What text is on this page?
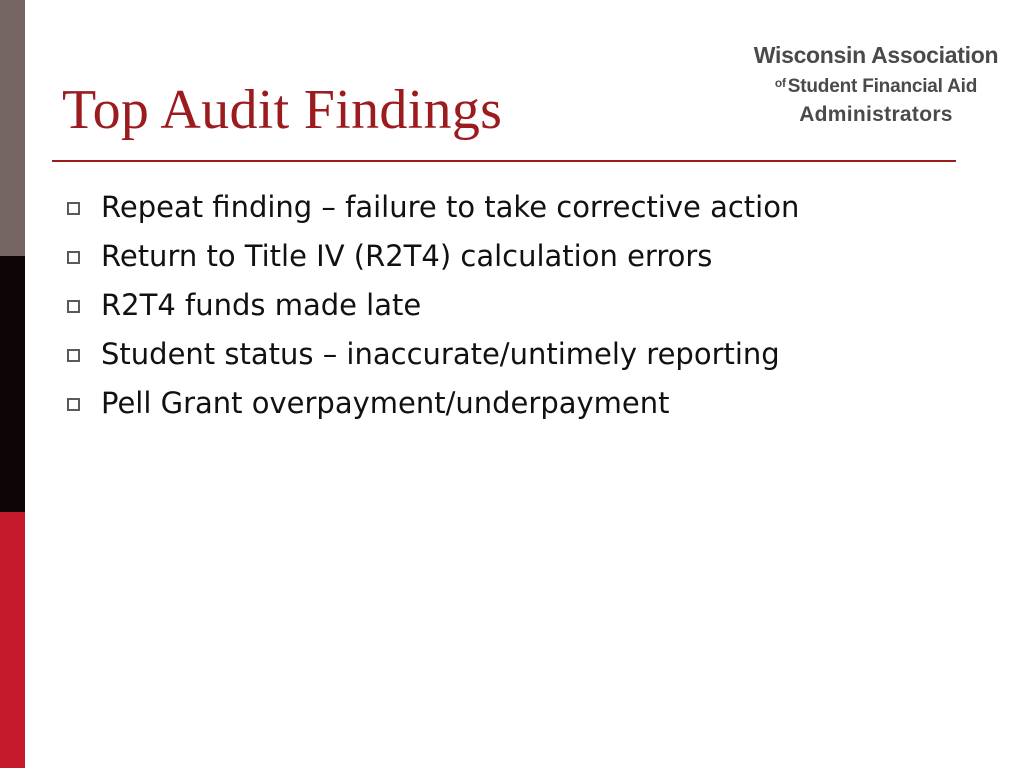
Top Audit Findings
Wisconsin Association
$^{of}$ Student Financial Aid
Administrators
Repeat finding – failure to take corrective action
Return to Title IV (R2T4) calculation errors
R2T4 funds made late
Student status – inaccurate/untimely reporting
Pell Grant overpayment/underpayment
